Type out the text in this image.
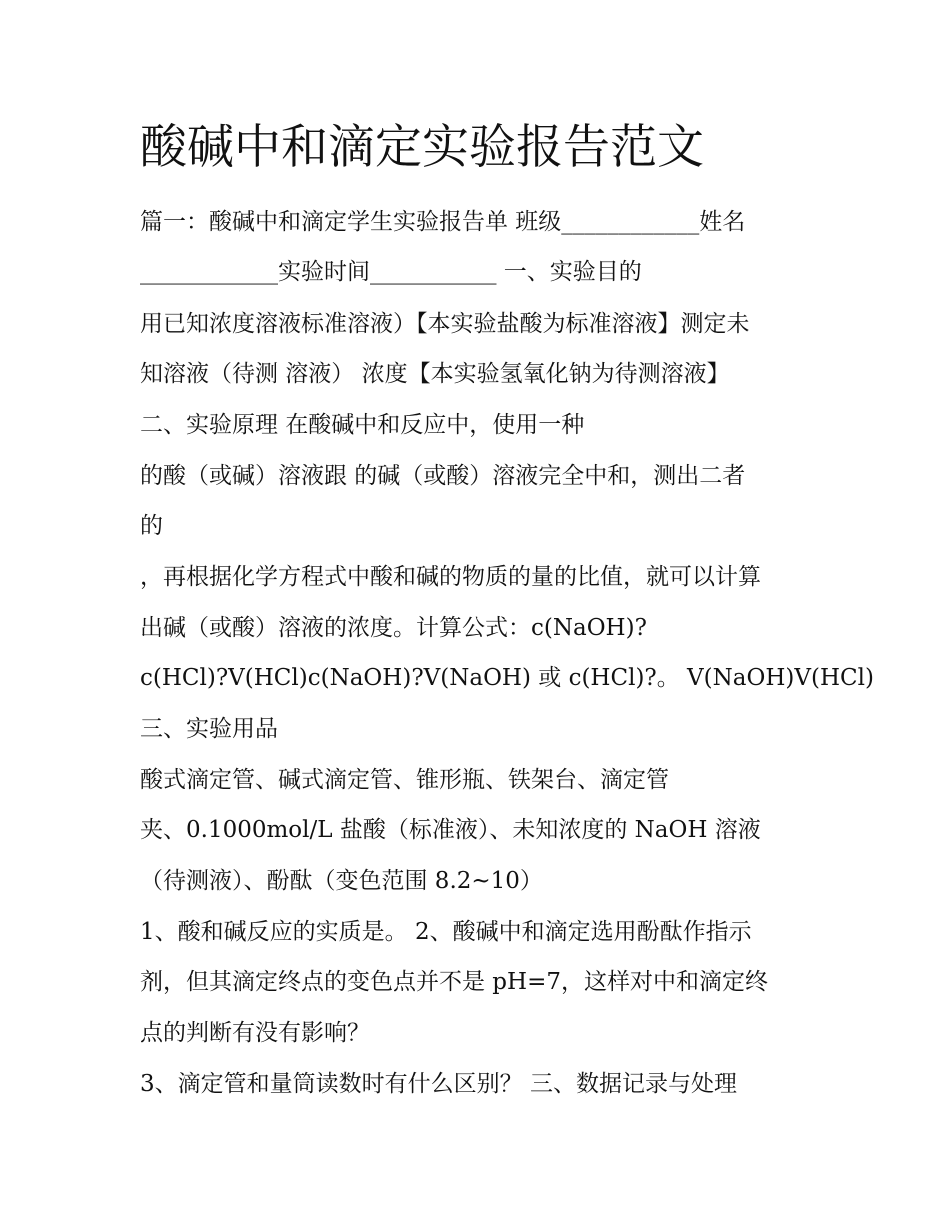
酸碱中和滴定实验报告范文

篇一：酸碱中和滴定学生实验报告单 班级____________姓名

____________实验时间___________ 一、实验目的

用已知浓度溶液标准溶液）【本实验盐酸为标准溶液】测定未

知溶液（待测 溶液） 浓度【本实验氢氧化钠为待测溶液】

二、实验原理 在酸碱中和反应中，使用一种

的酸（或碱）溶液跟 的碱（或酸）溶液完全中和，测出二者

的

，再根据化学方程式中酸和碱的物质的量的比值，就可以计算

出碱（或酸）溶液的浓度。计算公式：c(NaOH)?

c(HCl)?V(HCl)c(NaOH)?V(NaOH) 或 c(HCl)?。 V(NaOH)V(HCl)

三、实验用品

酸式滴定管、碱式滴定管、锥形瓶、铁架台、滴定管

夹、0.1000mol/L 盐酸（标准液）、未知浓度的 NaOH 溶液

（待测液）、酚酞（变色范围 8.2~10）

1、酸和碱反应的实质是。 2、酸碱中和滴定选用酚酞作指示

剂，但其滴定终点的变色点并不是 pH=7，这样对中和滴定终

点的判断有没有影响？

3、滴定管和量筒读数时有什么区别？ 三、数据记录与处理
